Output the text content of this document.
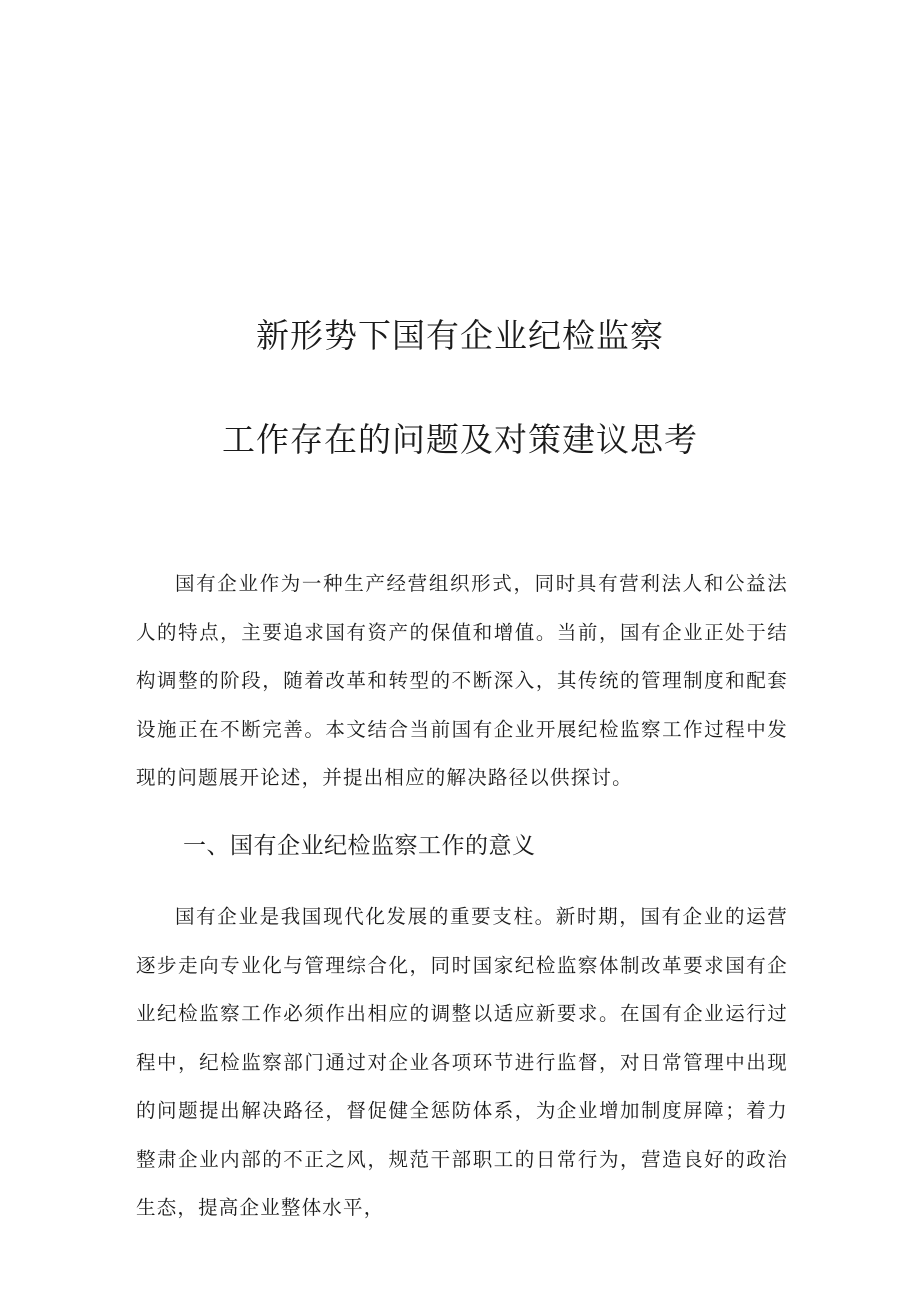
新形势下国有企业纪检监察
工作存在的问题及对策建议思考

国有企业作为一种生产经营组织形式，同时具有营利法人和公益法人的特点，主要追求国有资产的保值和增值。当前，国有企业正处于结构调整的阶段，随着改革和转型的不断深入，其传统的管理制度和配套设施正在不断完善。本文结合当前国有企业开展纪检监察工作过程中发现的问题展开论述，并提出相应的解决路径以供探讨。

一、国有企业纪检监察工作的意义

国有企业是我国现代化发展的重要支柱。新时期，国有企业的运营逐步走向专业化与管理综合化，同时国家纪检监察体制改革要求国有企业纪检监察工作必须作出相应的调整以适应新要求。在国有企业运行过程中，纪检监察部门通过对企业各项环节进行监督，对日常管理中出现的问题提出解决路径，督促健全惩防体系，为企业增加制度屏障；着力整肃企业内部的不正之风，规范干部职工的日常行为，营造良好的政治生态，提高企业整体水平，
